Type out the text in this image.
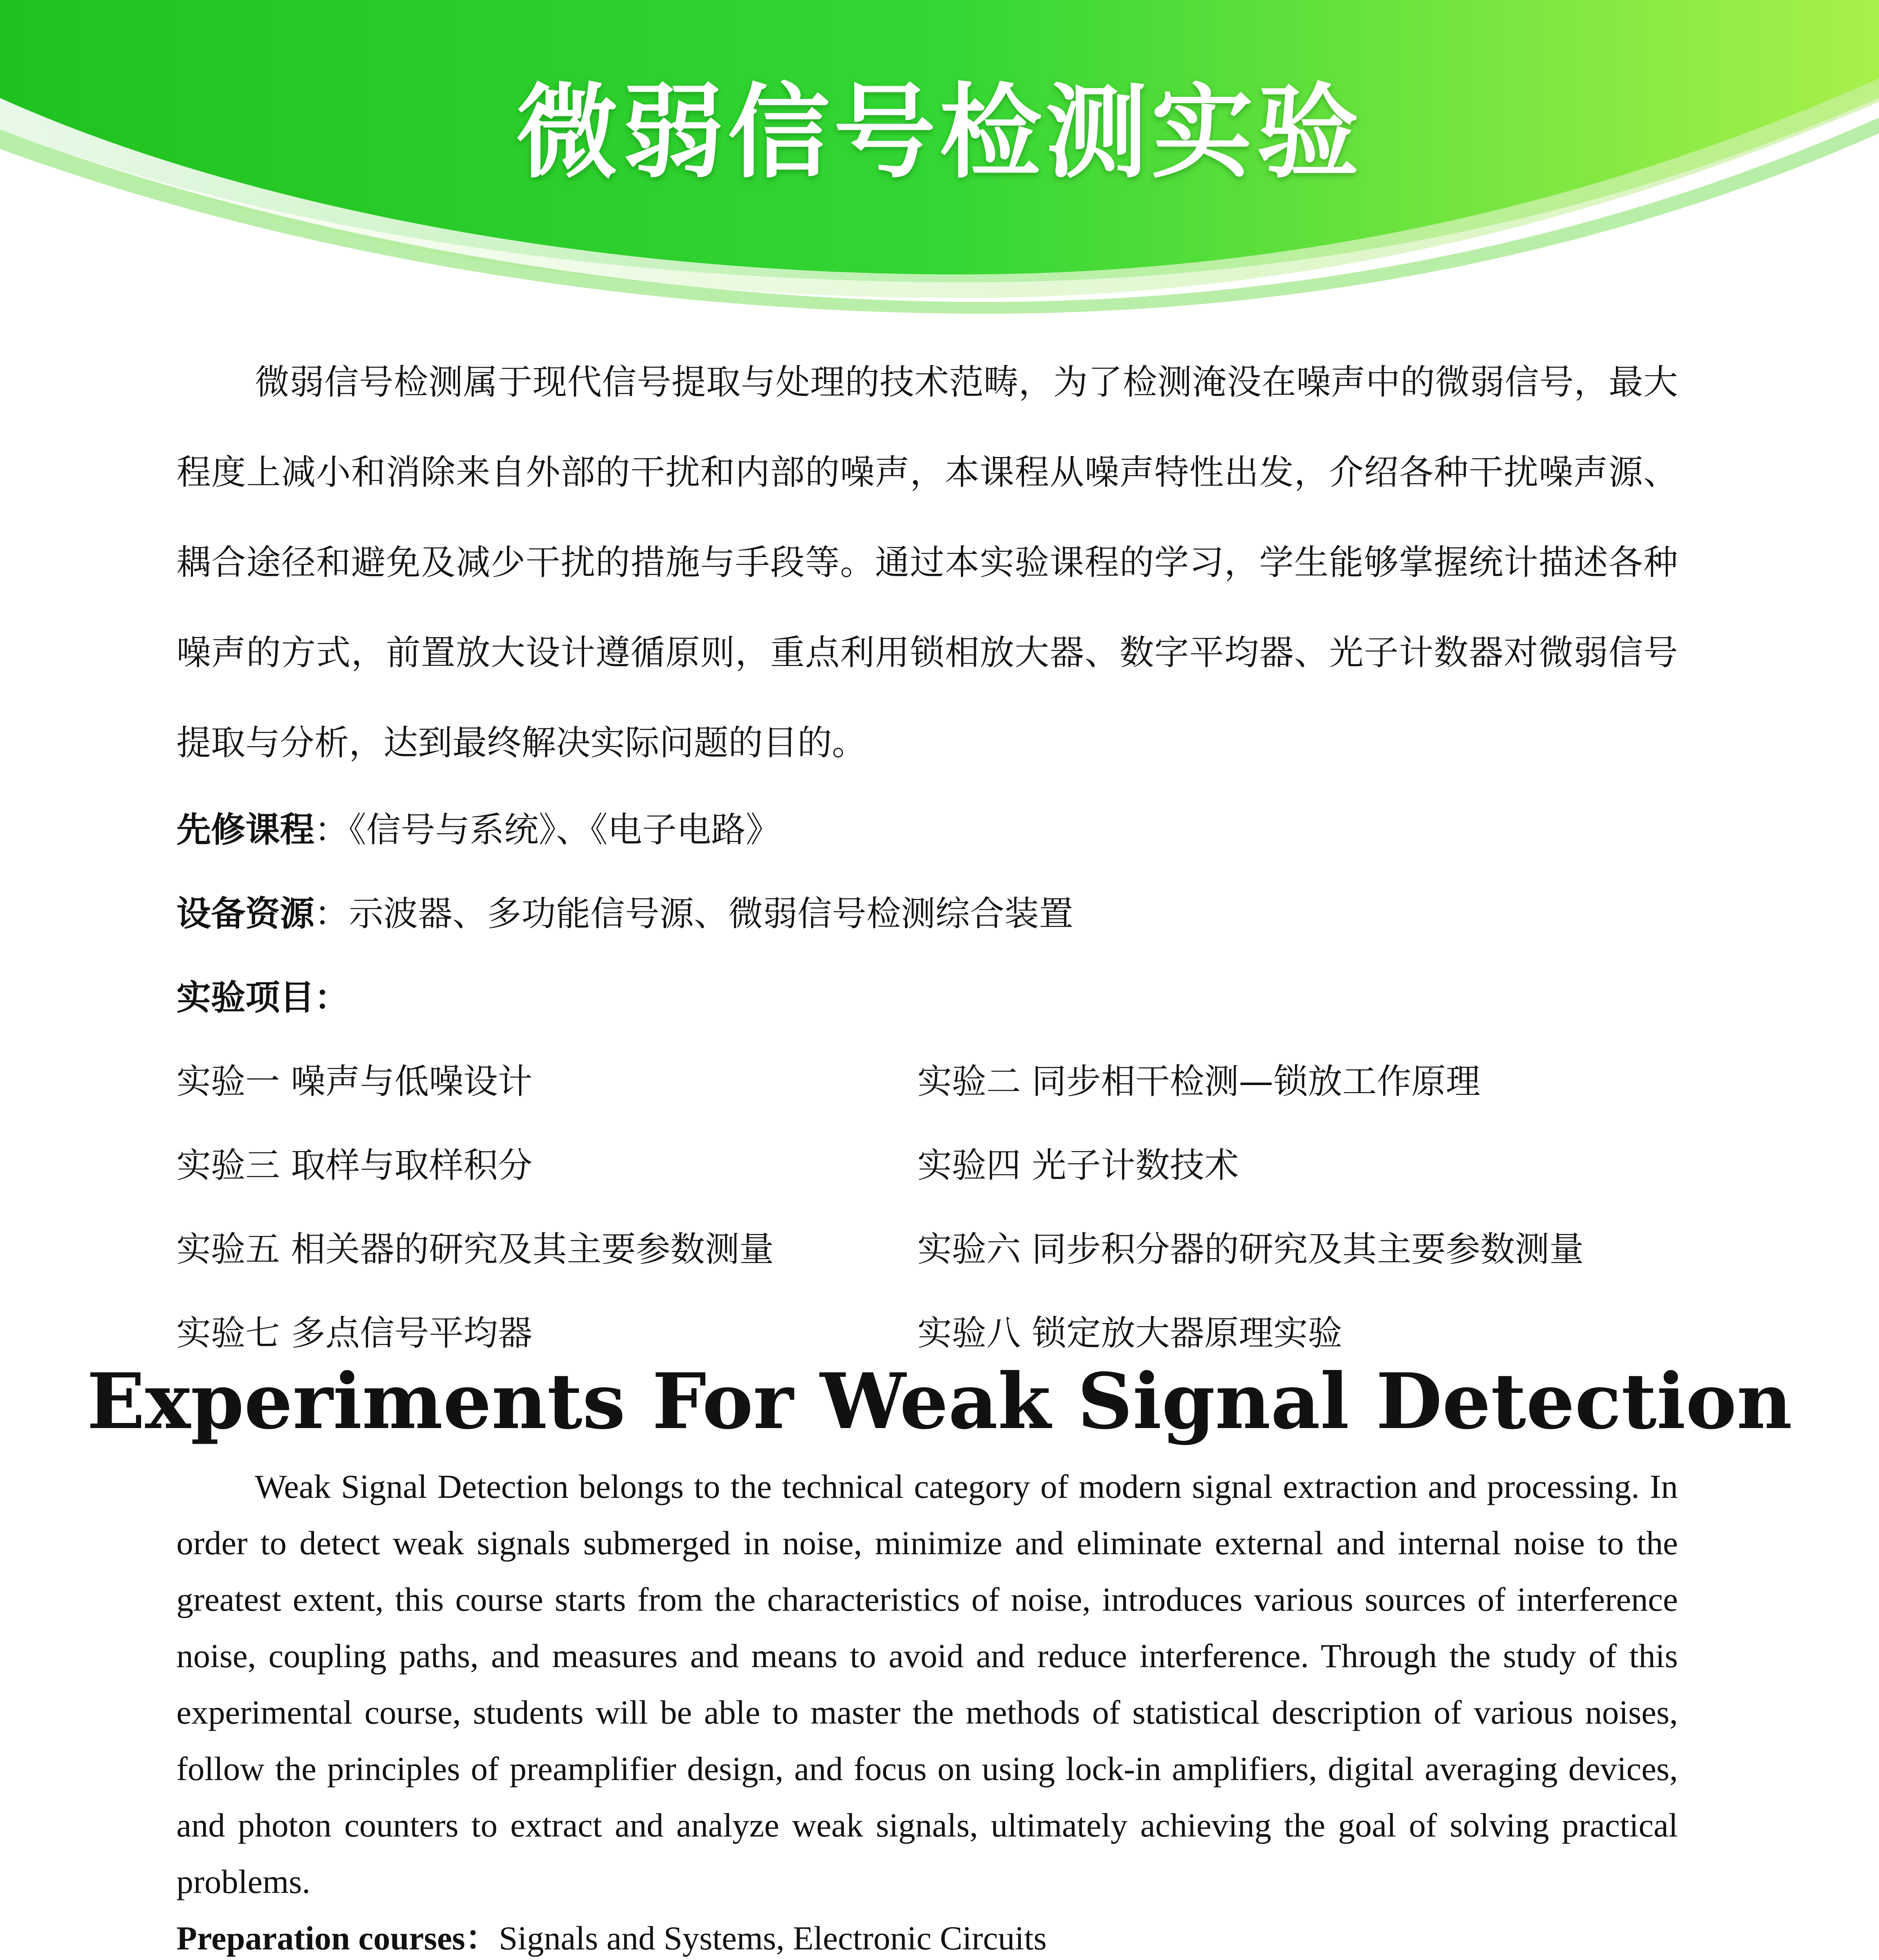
微弱信号检测实验

微弱信号检测属于现代信号提取与处理的技术范畴，为了检测淹没在噪声中的微弱信号，最大程度上减小和消除来自外部的干扰和内部的噪声，本课程从噪声特性出发，介绍各种干扰噪声源、耦合途径和避免及减少干扰的措施与手段等。通过本实验课程的学习，学生能够掌握统计描述各种噪声的方式，前置放大设计遵循原则，重点利用锁相放大器、数字平均器、光子计数器对微弱信号提取与分析，达到最终解决实际问题的目的。

先修课程：《信号与系统》、《电子电路》

设备资源：示波器、多功能信号源、微弱信号检测综合装置

实验项目：

实验一 噪声与低噪设计	实验二 同步相干检测—锁放工作原理
实验三 取样与取样积分	实验四 光子计数技术
实验五 相关器的研究及其主要参数测量	实验六 同步积分器的研究及其主要参数测量
实验七 多点信号平均器	实验八 锁定放大器原理实验
Experiments For Weak Signal Detection

Weak Signal Detection belongs to the technical category of modern signal extraction and processing. In order to detect weak signals submerged in noise, minimize and eliminate external and internal noise to the greatest extent, this course starts from the characteristics of noise, introduces various sources of interference noise, coupling paths, and measures and means to avoid and reduce interference. Through the study of this experimental course, students will be able to master the methods of statistical description of various noises, follow the principles of preamplifier design, and focus on using lock-in amplifiers, digital averaging devices, and photon counters to extract and analyze weak signals, ultimately achieving the goal of solving practical problems.

Preparation courses：Signals and Systems, Electronic Circuits
